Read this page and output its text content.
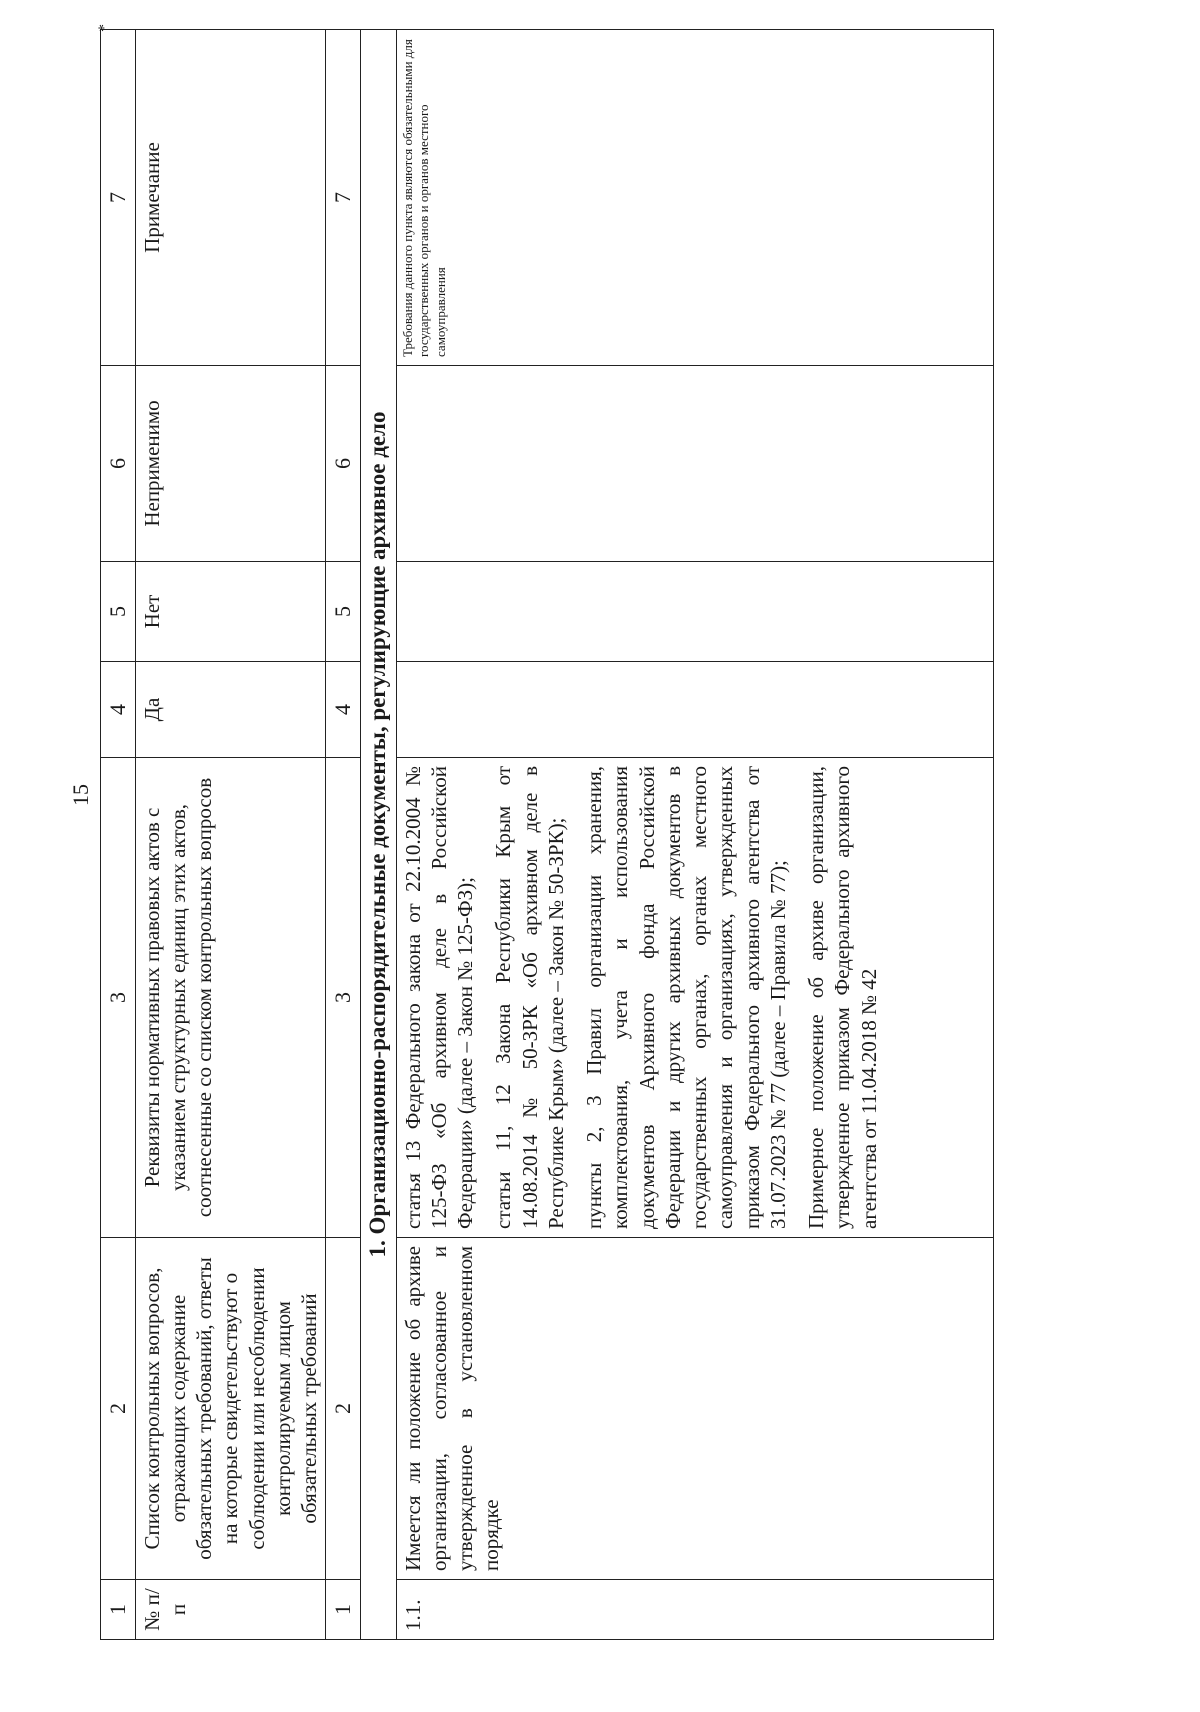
15
*
1	2	3	4	5	6	7
№ п/п	Список контрольных вопросов, отражающих содержание обязательных требований, ответы на которые свидетельствуют о соблюдении или несоблюдении контролируемым лицом обязательных требований	Реквизиты нормативных правовых актов с указанием структурных единиц этих актов, соотнесенные со списком контрольных вопросов	Да	Нет	Неприменимо	Примечание
1	2	3	4	5	6	7
1. Организационно-распорядительные документы, регулирующие архивное дело						
1.1.	Имеется ли положение об архиве организации, согласованное и утвержденное в установленном порядке	статья 13 Федерального закона от 22.10.2004 № 125-ФЗ «Об архивном деле в Российской Федерации» (далее – Закон № 125-ФЗ); статьи 11, 12 Закона Республики Крым от 14.08.2014 № 50-ЗРК «Об архивном деле в Республике Крым» (далее – Закон № 50-ЗРК); пункты 2, 3 Правил организации хранения, комплектования, учета и использования документов Архивного фонда Российской Федерации и других архивных документов в государственных органах, органах местного самоуправления и организациях, утвержденных приказом Федерального архивного агентства от 31.07.2023 № 77 (далее – Правила № 77); Примерное положение об архиве организации, утвержденное приказом Федерального архивного агентства от 11.04.2018 № 42				Требования данного пункта являются обязательными для государственных органов и органов местного самоуправления
